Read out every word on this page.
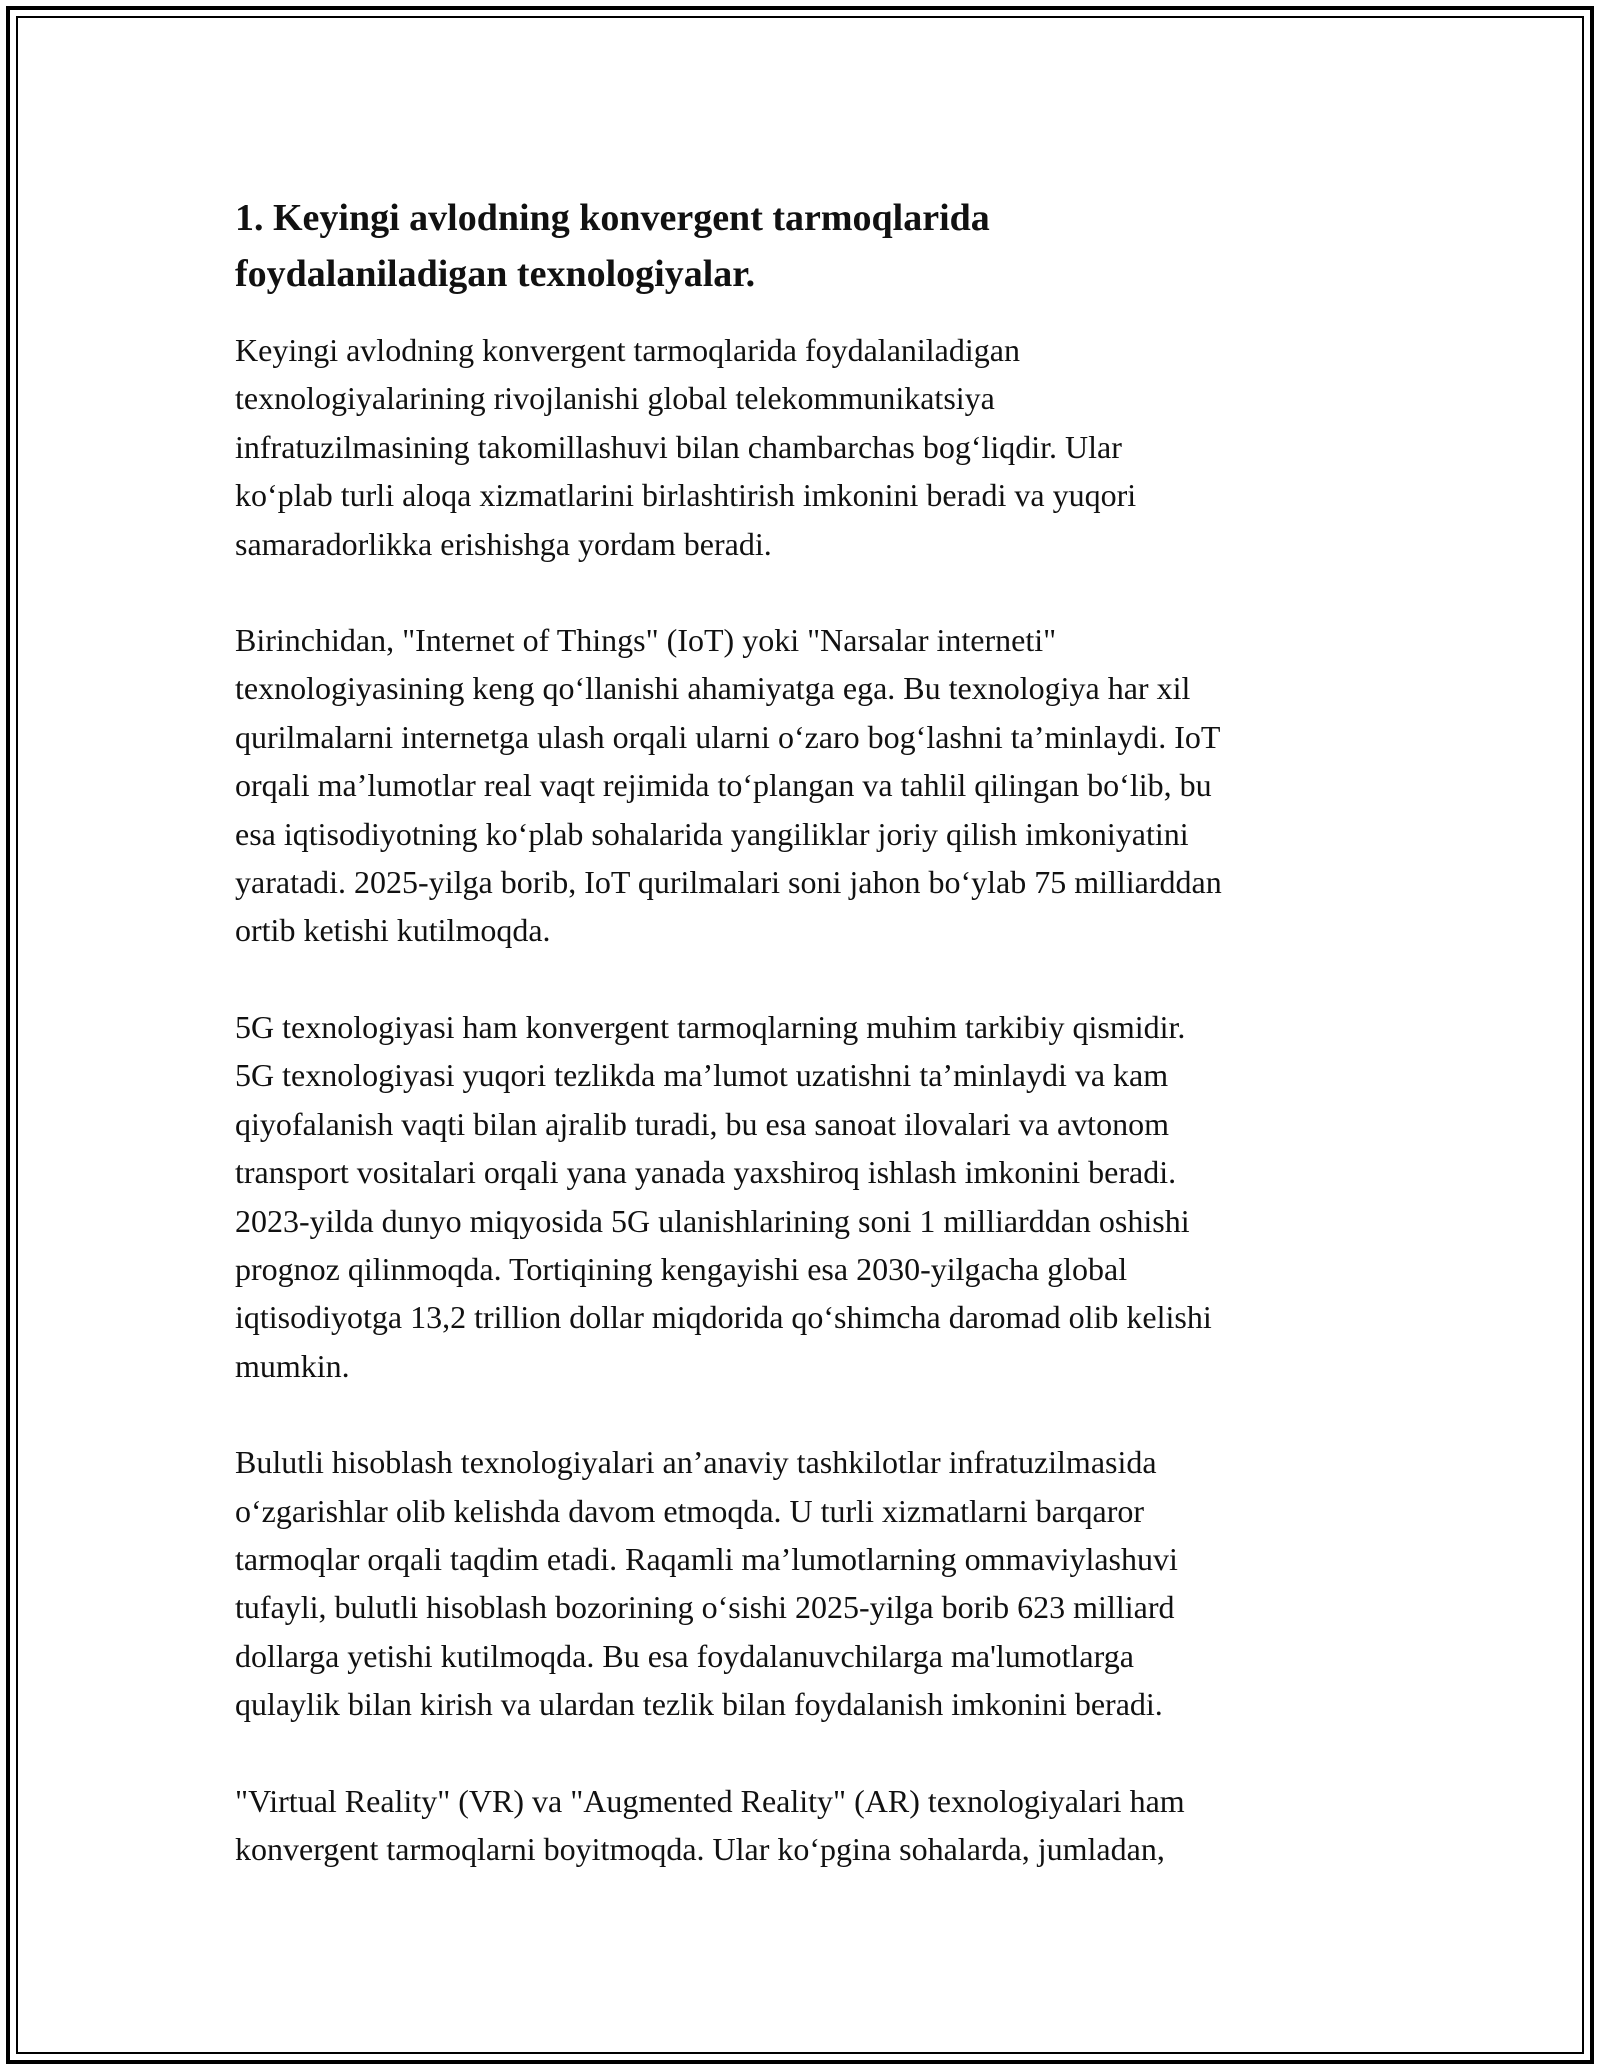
1. Keyingi avlodning konvergent tarmoqlarida
foydalaniladigan texnologiyalar.

Keyingi avlodning konvergent tarmoqlarida foydalaniladigan
texnologiyalarining rivojlanishi global telekommunikatsiya
infratuzilmasining takomillashuvi bilan chambarchas bogʻliqdir. Ular
koʻplab turli aloqa xizmatlarini birlashtirish imkonini beradi va yuqori
samaradorlikka erishishga yordam beradi.

Birinchidan, "Internet of Things" (IoT) yoki "Narsalar interneti"
texnologiyasining keng qoʻllanishi ahamiyatga ega. Bu texnologiya har xil
qurilmalarni internetga ulash orqali ularni oʻzaro bogʻlashni taʼminlaydi. IoT
orqali maʼlumotlar real vaqt rejimida toʻplangan va tahlil qilingan boʻlib, bu
esa iqtisodiyotning koʻplab sohalarida yangiliklar joriy qilish imkoniyatini
yaratadi. 2025-yilga borib, IoT qurilmalari soni jahon boʻylab 75 milliarddan
ortib ketishi kutilmoqda.

5G texnologiyasi ham konvergent tarmoqlarning muhim tarkibiy qismidir.
5G texnologiyasi yuqori tezlikda maʼlumot uzatishni taʼminlaydi va kam
qiyofalanish vaqti bilan ajralib turadi, bu esa sanoat ilovalari va avtonom
transport vositalari orqali yana yanada yaxshiroq ishlash imkonini beradi.
2023-yilda dunyo miqyosida 5G ulanishlarining soni 1 milliarddan oshishi
prognoz qilinmoqda. Tortiqining kengayishi esa 2030-yilgacha global
iqtisodiyotga 13,2 trillion dollar miqdorida qoʻshimcha daromad olib kelishi
mumkin.

Bulutli hisoblash texnologiyalari anʼanaviy tashkilotlar infratuzilmasida
oʻzgarishlar olib kelishda davom etmoqda. U turli xizmatlarni barqaror
tarmoqlar orqali taqdim etadi. Raqamli maʼlumotlarning ommaviylashuvi
tufayli, bulutli hisoblash bozorining oʻsishi 2025-yilga borib 623 milliard
dollarga yetishi kutilmoqda. Bu esa foydalanuvchilarga ma'lumotlarga
qulaylik bilan kirish va ulardan tezlik bilan foydalanish imkonini beradi.

"Virtual Reality" (VR) va "Augmented Reality" (AR) texnologiyalari ham
konvergent tarmoqlarni boyitmoqda. Ular koʻpgina sohalarda, jumladan,
